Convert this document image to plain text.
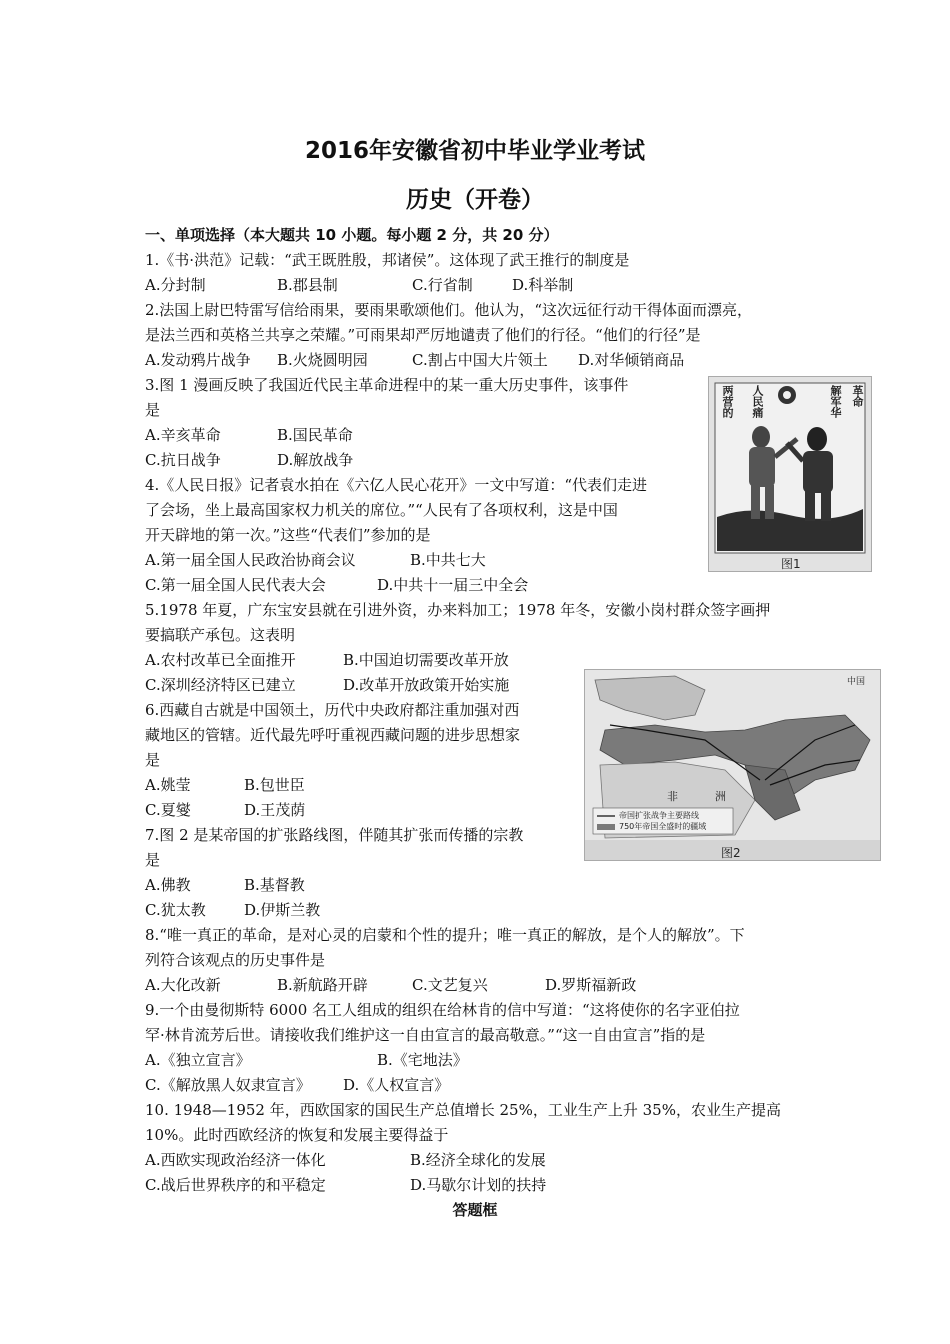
2016年安徽省初中毕业学业考试
历史（开卷）
一、单项选择（本大题共 10 小题。每小题 2 分，共 20 分）
1.《书·洪范》记载：“武王既胜殷，邦诸侯”。这体现了武王推行的制度是
A.分封制	B.郡县制	C.行省制	D.科举制
2.法国上尉巴特雷写信给雨果，要雨果歌颂他们。他认为，“这次远征行动干得体面而漂亮，
是法兰西和英格兰共享之荣耀。”可雨果却严厉地谴责了他们的行径。“他们的行径”是
A.发动鸦片战争 B.火烧圆明园	C.割占中国大片领土 D.对华倾销商品
3.图 1 漫画反映了我国近代民主革命进程中的某一重大历史事件，该事件
是
A.辛亥革命	B.国民革命
C.抗日战争	D.解放战争
4.《人民日报》记者袁水拍在《六亿人民心花开》一文中写道：“代表们走进
了会场，坐上最高国家权力机关的席位。”“人民有了各项权利，这是中国
开天辟地的第一次。”这些“代表们”参加的是
A.第一届全国人民政治协商会议	B.中共七大
C.第一届全国人民代表大会	D.中共十一届三中全会
5.1978 年夏，广东宝安县就在引进外资，办来料加工；1978 年冬，安徽小岗村群众签字画押
要搞联产承包。这表明
A.农村改革已全面推开	B.中国迫切需要改革开放
C.深圳经济特区已建立	D.改革开放政策开始实施
6.西藏自古就是中国领土，历代中央政府都注重加强对西
藏地区的管辖。近代最先呼吁重视西藏问题的进步思想家
是
A.姚莹	B.包世臣
C.夏燮	D.王茂荫
7.图 2 是某帝国的扩张路线图，伴随其扩张而传播的宗教
是
A.佛教	B.基督教
C.犹太教	D.伊斯兰教
8.“唯一真正的革命，是对心灵的启蒙和个性的提升；唯一真正的解放，是个人的解放”。下
列符合该观点的历史事件是
A.大化改新	B.新航路开辟	C.文艺复兴	D.罗斯福新政
9.一个由曼彻斯特 6000 名工人组成的组织在给林肯的信中写道：“这将使你的名字亚伯拉
罕·林肯流芳后世。请接收我们维护这一自由宣言的最高敬意。”“这一自由宣言”指的是
A.《独立宣言》	B.《宅地法》
C.《解放黑人奴隶宣言》 D.《人权宣言》
10. 1948—1952 年，西欧国家的国民生产总值增长 25%，工业生产上升 35%，农业生产提高
10%。此时西欧经济的恢复和发展主要得益于
A.西欧实现政治经济一体化	B.经济全球化的发展
C.战后世界秩序的和平稳定	D.马歇尔计划的扶持
答题框
两营的 人民痛	解军华 革命
图1
非	洲
中国
帝国扩张战争主要路线
750年帝国全盛时的疆域
图2
